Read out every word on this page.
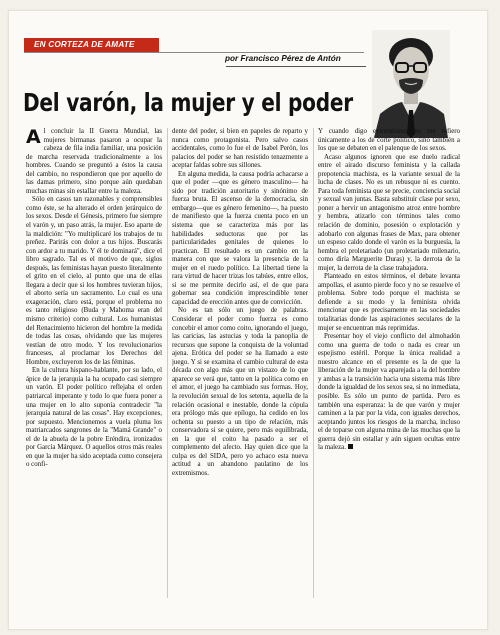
EN CORTEZA DE AMATE
por Francisco Pérez de Antón
Del varón, la mujer y el poder

Al concluir la II Guerra Mundial, las mujeres birmanas pasaron a ocupar la cabeza de fila india familiar, una posición de marcha reservada tradicionalmente a los hombres. Cuando se preguntó a éstos la causa del cambio, no respondieron que por aquello de las damas primero, sino porque aún quedaban muchas minas sin estallar entre la maleza.

Sólo en casos tan razonables y comprensibles como éste, se ha alterado el orden jerárquico de los sexos. Desde el Génesis, primero fue siempre el varón y, un paso atrás, la mujer. Eso aparte de la maldición: "Yo multiplicaré los trabajos de tu preñez. Parirás con dolor a tus hijos. Buscarás con ardor a tu marido. Y él te dominará", dice el libro sagrado. Tal es el motivo de que, siglos después, las feministas hayan puesto literalmente el grito en el cielo, al punto que una de ellas llegara a decir que si los hombres tuvieran hijos, el aborto sería un sacramento. Lo cual es una exageración, claro está, porque el problema no es tanto religioso (Buda y Mahoma eran del mismo criterio) como cultural. Los humanistas del Renacimiento hicieron del hombre la medida de todas las cosas, olvidando que las mujeres vestían de otro modo. Y los revolucionarios franceses, al proclamar los Derechos del Hombre, excluyeron los de las féminas.

En la cultura hispano-hablante, por su lado, el ápice de la jerarquía la ha ocupado casi siempre un varón. El poder político reflejaba el orden patriarcal imperante y todo lo que fuera poner a una mujer en lo alto suponía contradecir "la jerarquía natural de las cosas". Hay excepciones, por supuesto. Mencionemos a vuela pluma los matriarcados sangrones de la "Mamá Grande" o el de la abuela de la pobre Eréndira, ironizados por García Márquez. O aquellos otros más reales en que la mujer ha sido aceptada como consejera o confi-

dente del poder, si bien en papeles de reparto y nunca como protagonista. Pero salvo casos accidentales, como lo fue el de Isabel Perón, los palacios del poder se han resistido tenazmente a aceptar faldas sobre sus sillones.

En alguna medida, la causa podría achacarse a que el poder —que es género masculino— ha sido por tradición autoritario y sinónimo de fuerza bruta. El ascenso de la democracia, sin embargo—que es género femenino—, ha puesto de manifiesto que la fuerza cuenta poco en un sistema que se caracteriza más por las habilidades seductoras que por las particularidades genitales de quienes lo practican. El resultado es un cambio en la manera con que se valora la presencia de la mujer en el ruedo político. La libertad tiene la rara virtud de hacer trizas los tabúes, entre ellos, si se me permite decirlo así, el de que para gobernar sea condición imprescindible tener capacidad de erección antes que de convicción.

No es tan sólo un juego de palabras. Considerar el poder como fuerza es como concebir el amor como coito, ignorando el juego, las caricias, las astucias y toda la panoplia de recursos que supone la conquista de la voluntad ajena. Erótica del poder se ha llamado a este juego. Y si se examina el cambio cultural de esta década con algo más que un vistazo de lo que aparece se verá que, tanto en la política como en el amor, el juego ha cambiado sus formas. Hoy, la revolución sexual de los setenta, aquella de la relación ocasional e inestable, donde la cópula era prólogo más que epílogo, ha cedido en los ochenta su puesto a un tipo de relación, más conservadora si se quiere, pero más equilibrada, en la que el coito ha pasado a ser el complemento del afecto. Hay quien dice que la culpa es del SIDA, pero yo achaco esta nueva actitud a un abandono paulatino de los extremismos.

Y cuando digo extremismos no me refiero únicamente a los de corte político, sino también a los que se debaten en el palenque de los sexos.

Acaso algunos ignoren que ese duelo radical entre el airado discurso feminista y la callada prepotencia machista, es la variante sexual de la lucha de clases. No es un rebusque ni es cuento. Para toda feminista que se precie, conciencia social y sexual van juntas. Basta substituir clase por sexo, poner a hervir un antagonismo atroz entre hombre y hembra, atizarlo con términos tales como relación de dominio, posesión o explotación y adobarlo con algunas frases de Max, para obtener un espeso caldo donde el varón es la burguesía, la hembra el proletariado (un proletariado milenario, como diría Marguerite Duras) y, la derrota de la mujer, la derrota de la clase trabajadora.

Planteado en estos términos, el debate levanta ampollas, el asunto pierde foco y no se resuelve el problema. Sobre todo porque el machista se defiende a su modo y la feminista olvida mencionar que es precisamente en las sociedades totalitarias donde las aspiraciones seculares de la mujer se encuentran más reprimidas.

Presentar hoy el viejo conflicto del almohadón como una guerra de todo o nada es crear un espejismo estéril. Porque la única realidad a nuestro alcance en el presente es la de que la liberación de la mujer va aparejada a la del hombre y ambas a la transición hacia una sistema más libre donde la igualdad de los sexos sea, si no inmediata, posible. Es sólo un punto de partida. Pero es también una esperanza: la de que varón y mujer caminen a la par por la vida, con iguales derechos, aceptando juntos los riesgos de la marcha, incluso el de toparse con alguna mina de las muchas que la guerra dejó sin estallar y aún siguen ocultas entre la maleza.
